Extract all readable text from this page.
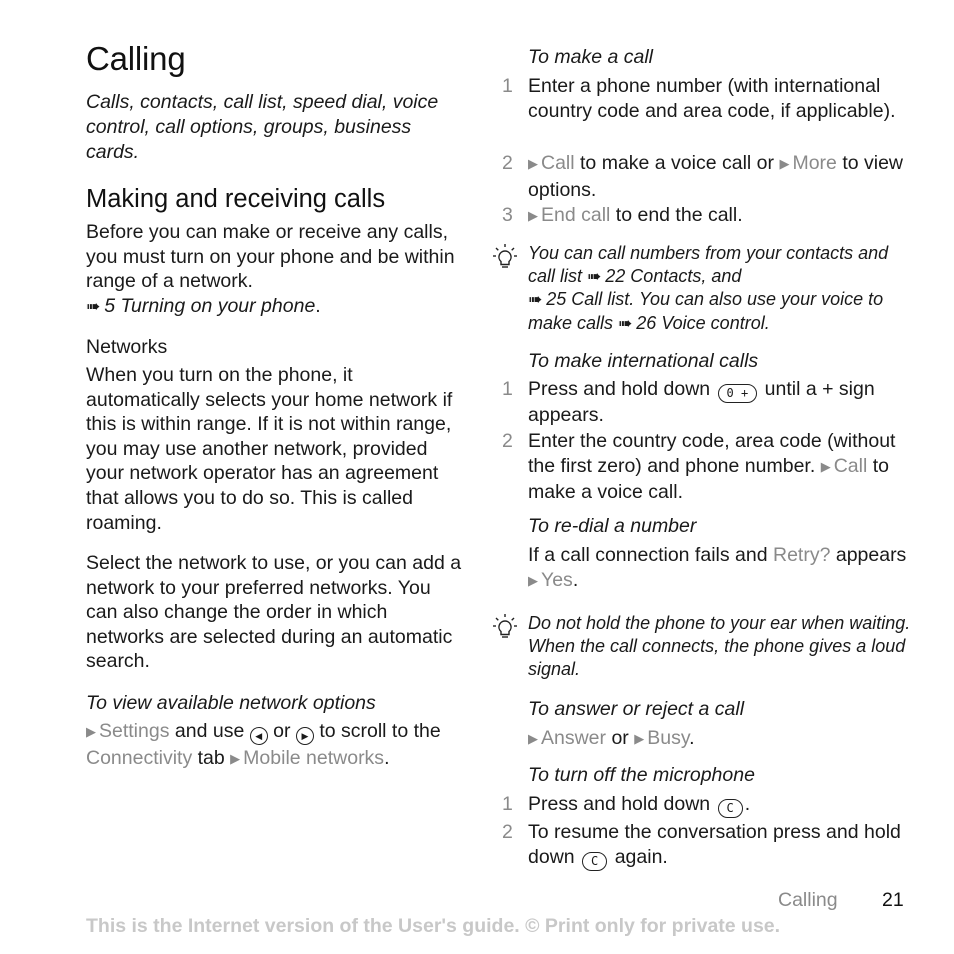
Calling

Calls, contacts, call list, speed dial, voice control, call options, groups, business cards.

Making and receiving calls

Before you can make or receive any calls, you must turn on your phone and be within range of a network.
➠ 5 Turning on your phone.

Networks

When you turn on the phone, it automatically selects your home network if this is within range. If it is not within range, you may use another network, provided your network operator has an agreement that allows you to do so. This is called roaming.

Select the network to use, or you can add a network to your preferred networks. You can also change the order in which networks are selected during an automatic search.

To view available network options

▶ Settings and use ◀ or ▶ to scroll to the Connectivity tab ▶ Mobile networks.

To make a call

1 Enter a phone number (with international country code and area code, if applicable).
2	▶ Call to make a voice call or ▶ More to view options.
3	▶ End call to end the call.
You can call numbers from your contacts and call list ➠ 22 Contacts, and
➠ 25 Call list. You can also use your voice to make calls ➠ 26 Voice control.

To make international calls

1 Press and hold down 0 + until a + sign appears.
2 Enter the country code, area code (without the first zero) and phone number. ▶ Call to make a voice call.

To re-dial a number

If a call connection fails and Retry? appears ▶ Yes.

Do not hold the phone to your ear when waiting. When the call connects, the phone gives a loud signal.

To answer or reject a call

▶ Answer or ▶ Busy.

To turn off the microphone

1 Press and hold down C .
2 To resume the conversation press and hold down C again.
Calling 21
This is the Internet version of the User's guide. © Print only for private use.
